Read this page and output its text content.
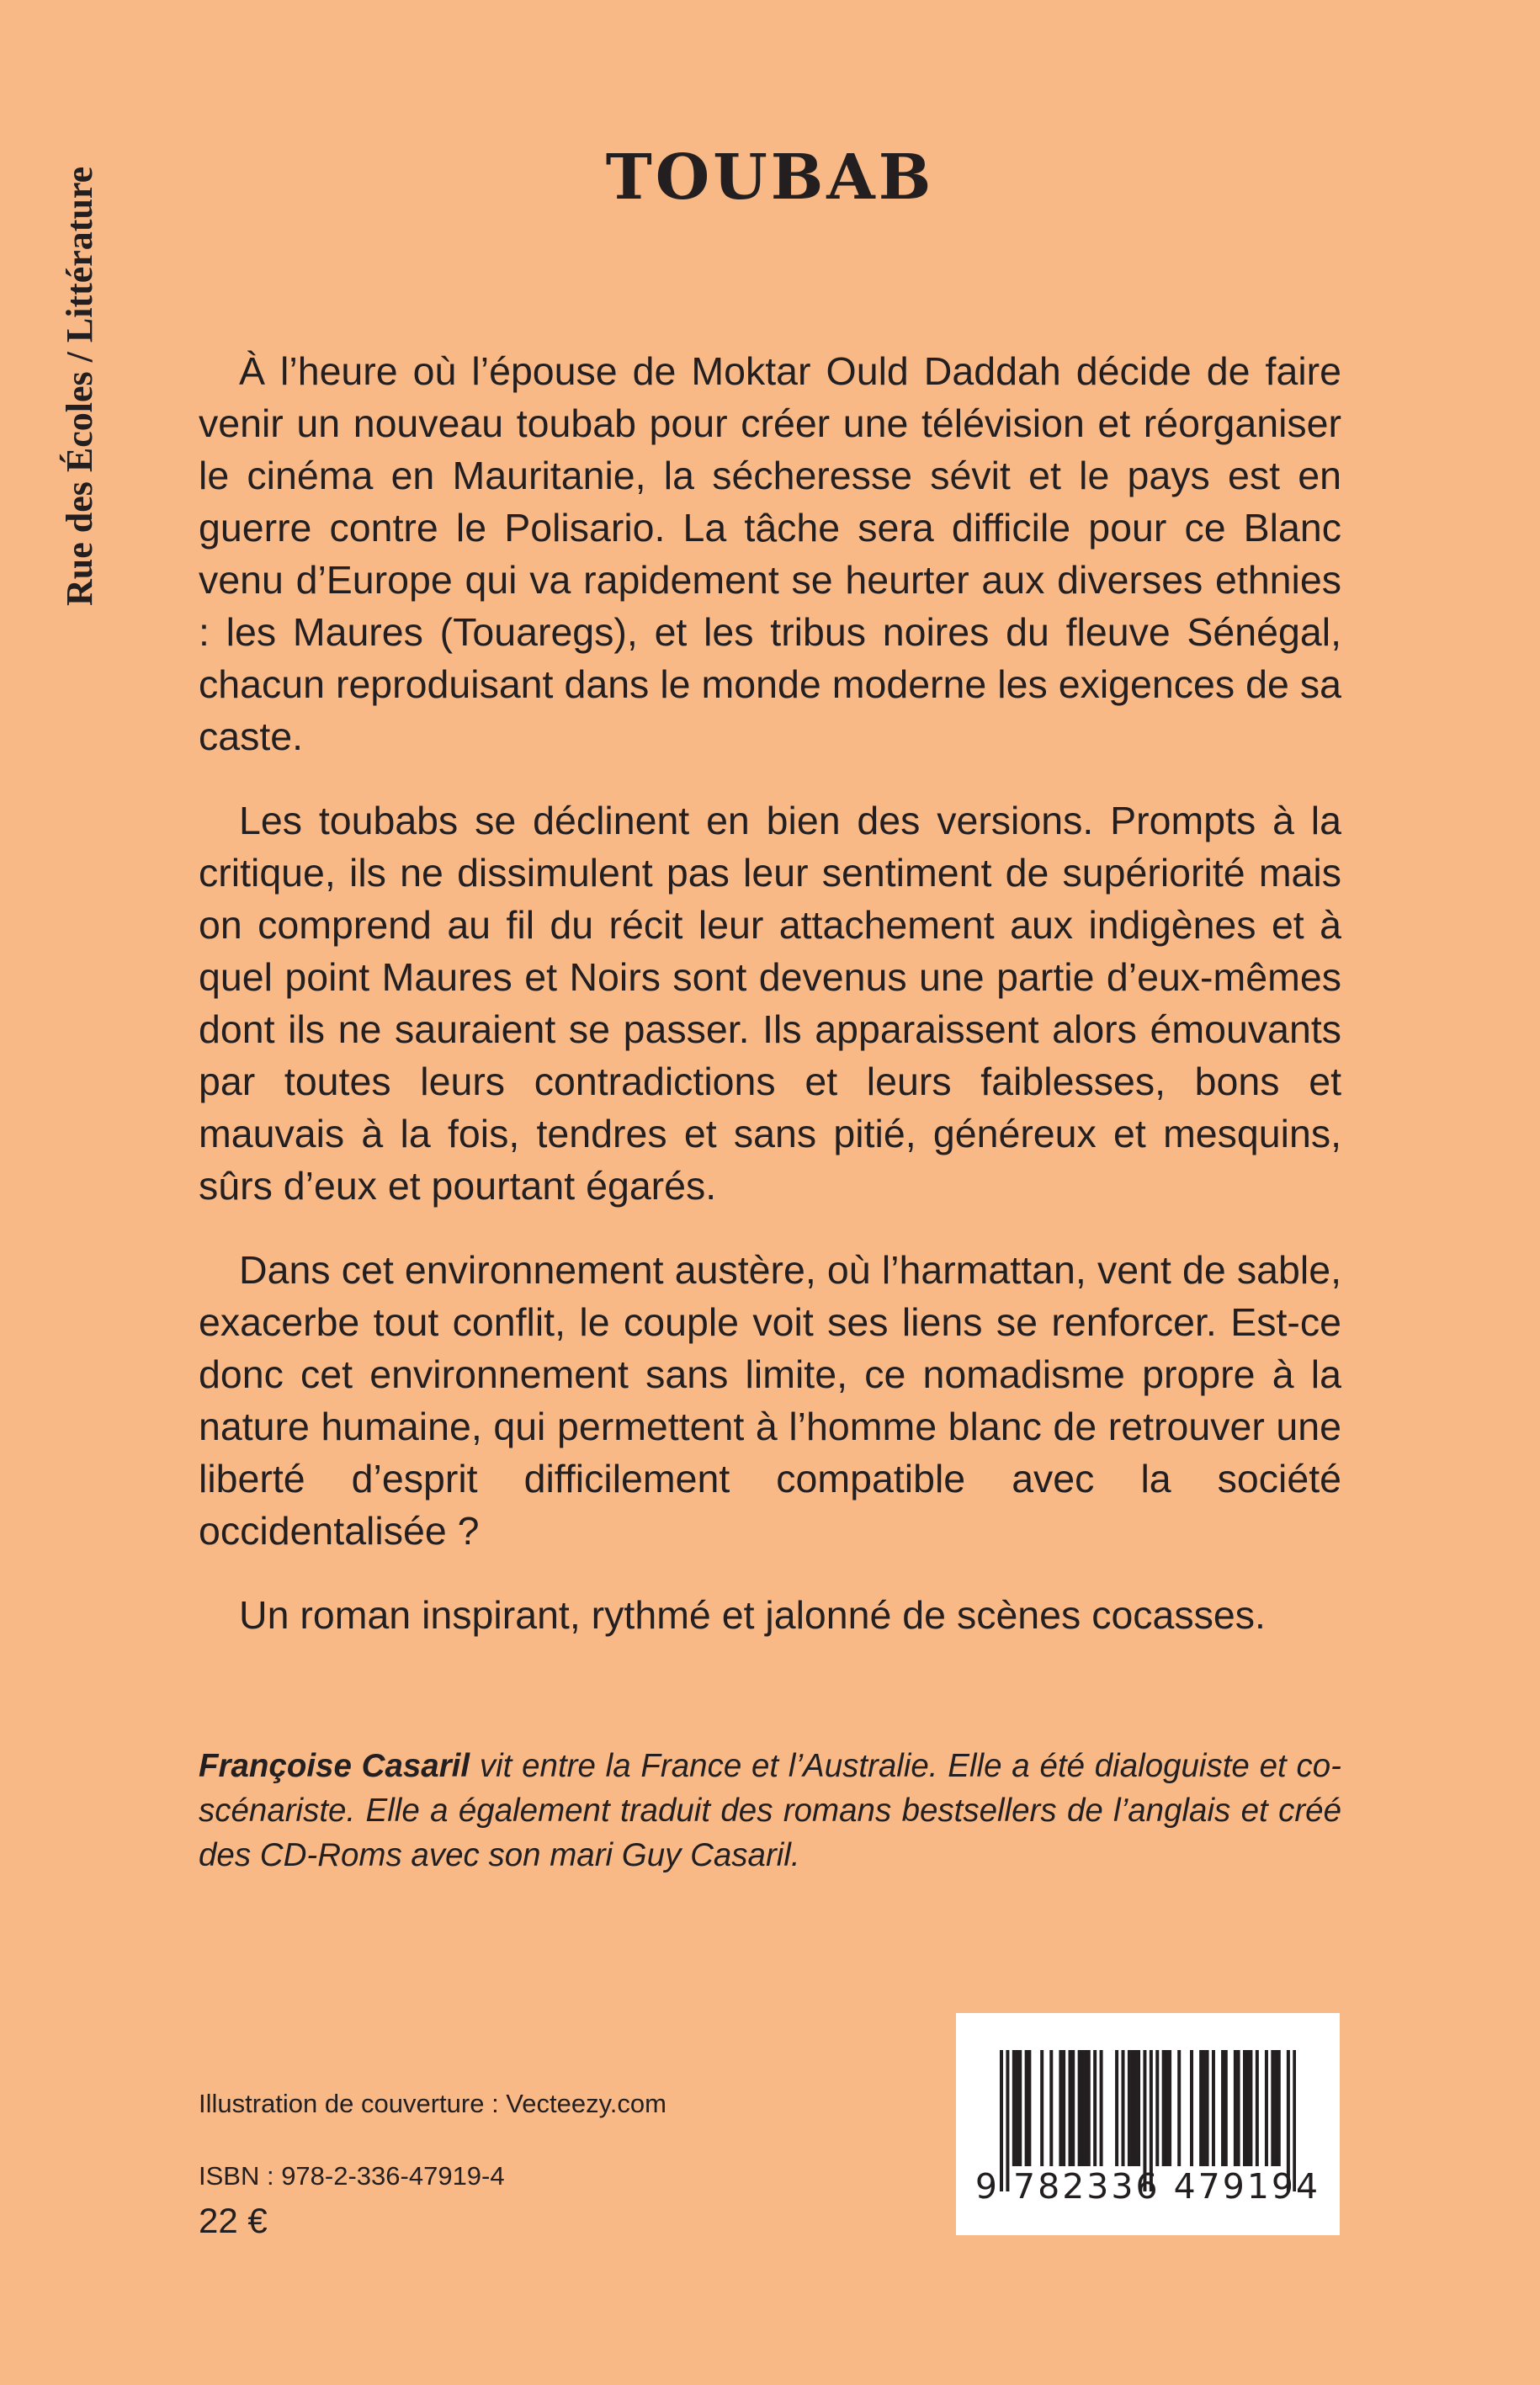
Rue des Écoles / Littérature	TOUBAB

À l’heure où l’épouse de Moktar Ould Daddah décide de faire venir un nouveau toubab pour créer une télévision et réorganiser le cinéma en Mauritanie, la sécheresse sévit et le pays est en guerre contre le Polisario. La tâche sera difficile pour ce Blanc venu d’Europe qui va rapidement se heurter aux diverses ethnies : les Maures (Touaregs), et les tribus noires du fleuve Sénégal, chacun reproduisant dans le monde moderne les exigences de sa caste.

Les toubabs se déclinent en bien des versions. Prompts à la critique, ils ne dissimulent pas leur sentiment de supériorité mais on comprend au fil du récit leur attachement aux indigènes et à quel point Maures et Noirs sont devenus une partie d’eux-mêmes dont ils ne sauraient se passer. Ils apparaissent alors émouvants par toutes leurs contradictions et leurs faiblesses, bons et mauvais à la fois, tendres et sans pitié, généreux et mesquins, sûrs d’eux et pourtant égarés.

Dans cet environnement austère, où l’harmattan, vent de sable, exacerbe tout conflit, le couple voit ses liens se renforcer. Est-ce donc cet environnement sans limite, ce nomadisme propre à la nature humaine, qui permettent à l’homme blanc de retrouver une liberté d’esprit difficilement compatible avec la société occidentalisée ?

Un roman inspirant, rythmé et jalonné de scènes cocasses.

Françoise Casaril vit entre la France et l’Australie. Elle a été dialoguiste et co-scénariste. Elle a également traduit des romans bestsellers de l’anglais et créé des CD-Roms avec son mari Guy Casaril.
Illustration de couverture : Vecteezy.com
ISBN : 978-2-336-47919-4
22 €
9 782336 479194
